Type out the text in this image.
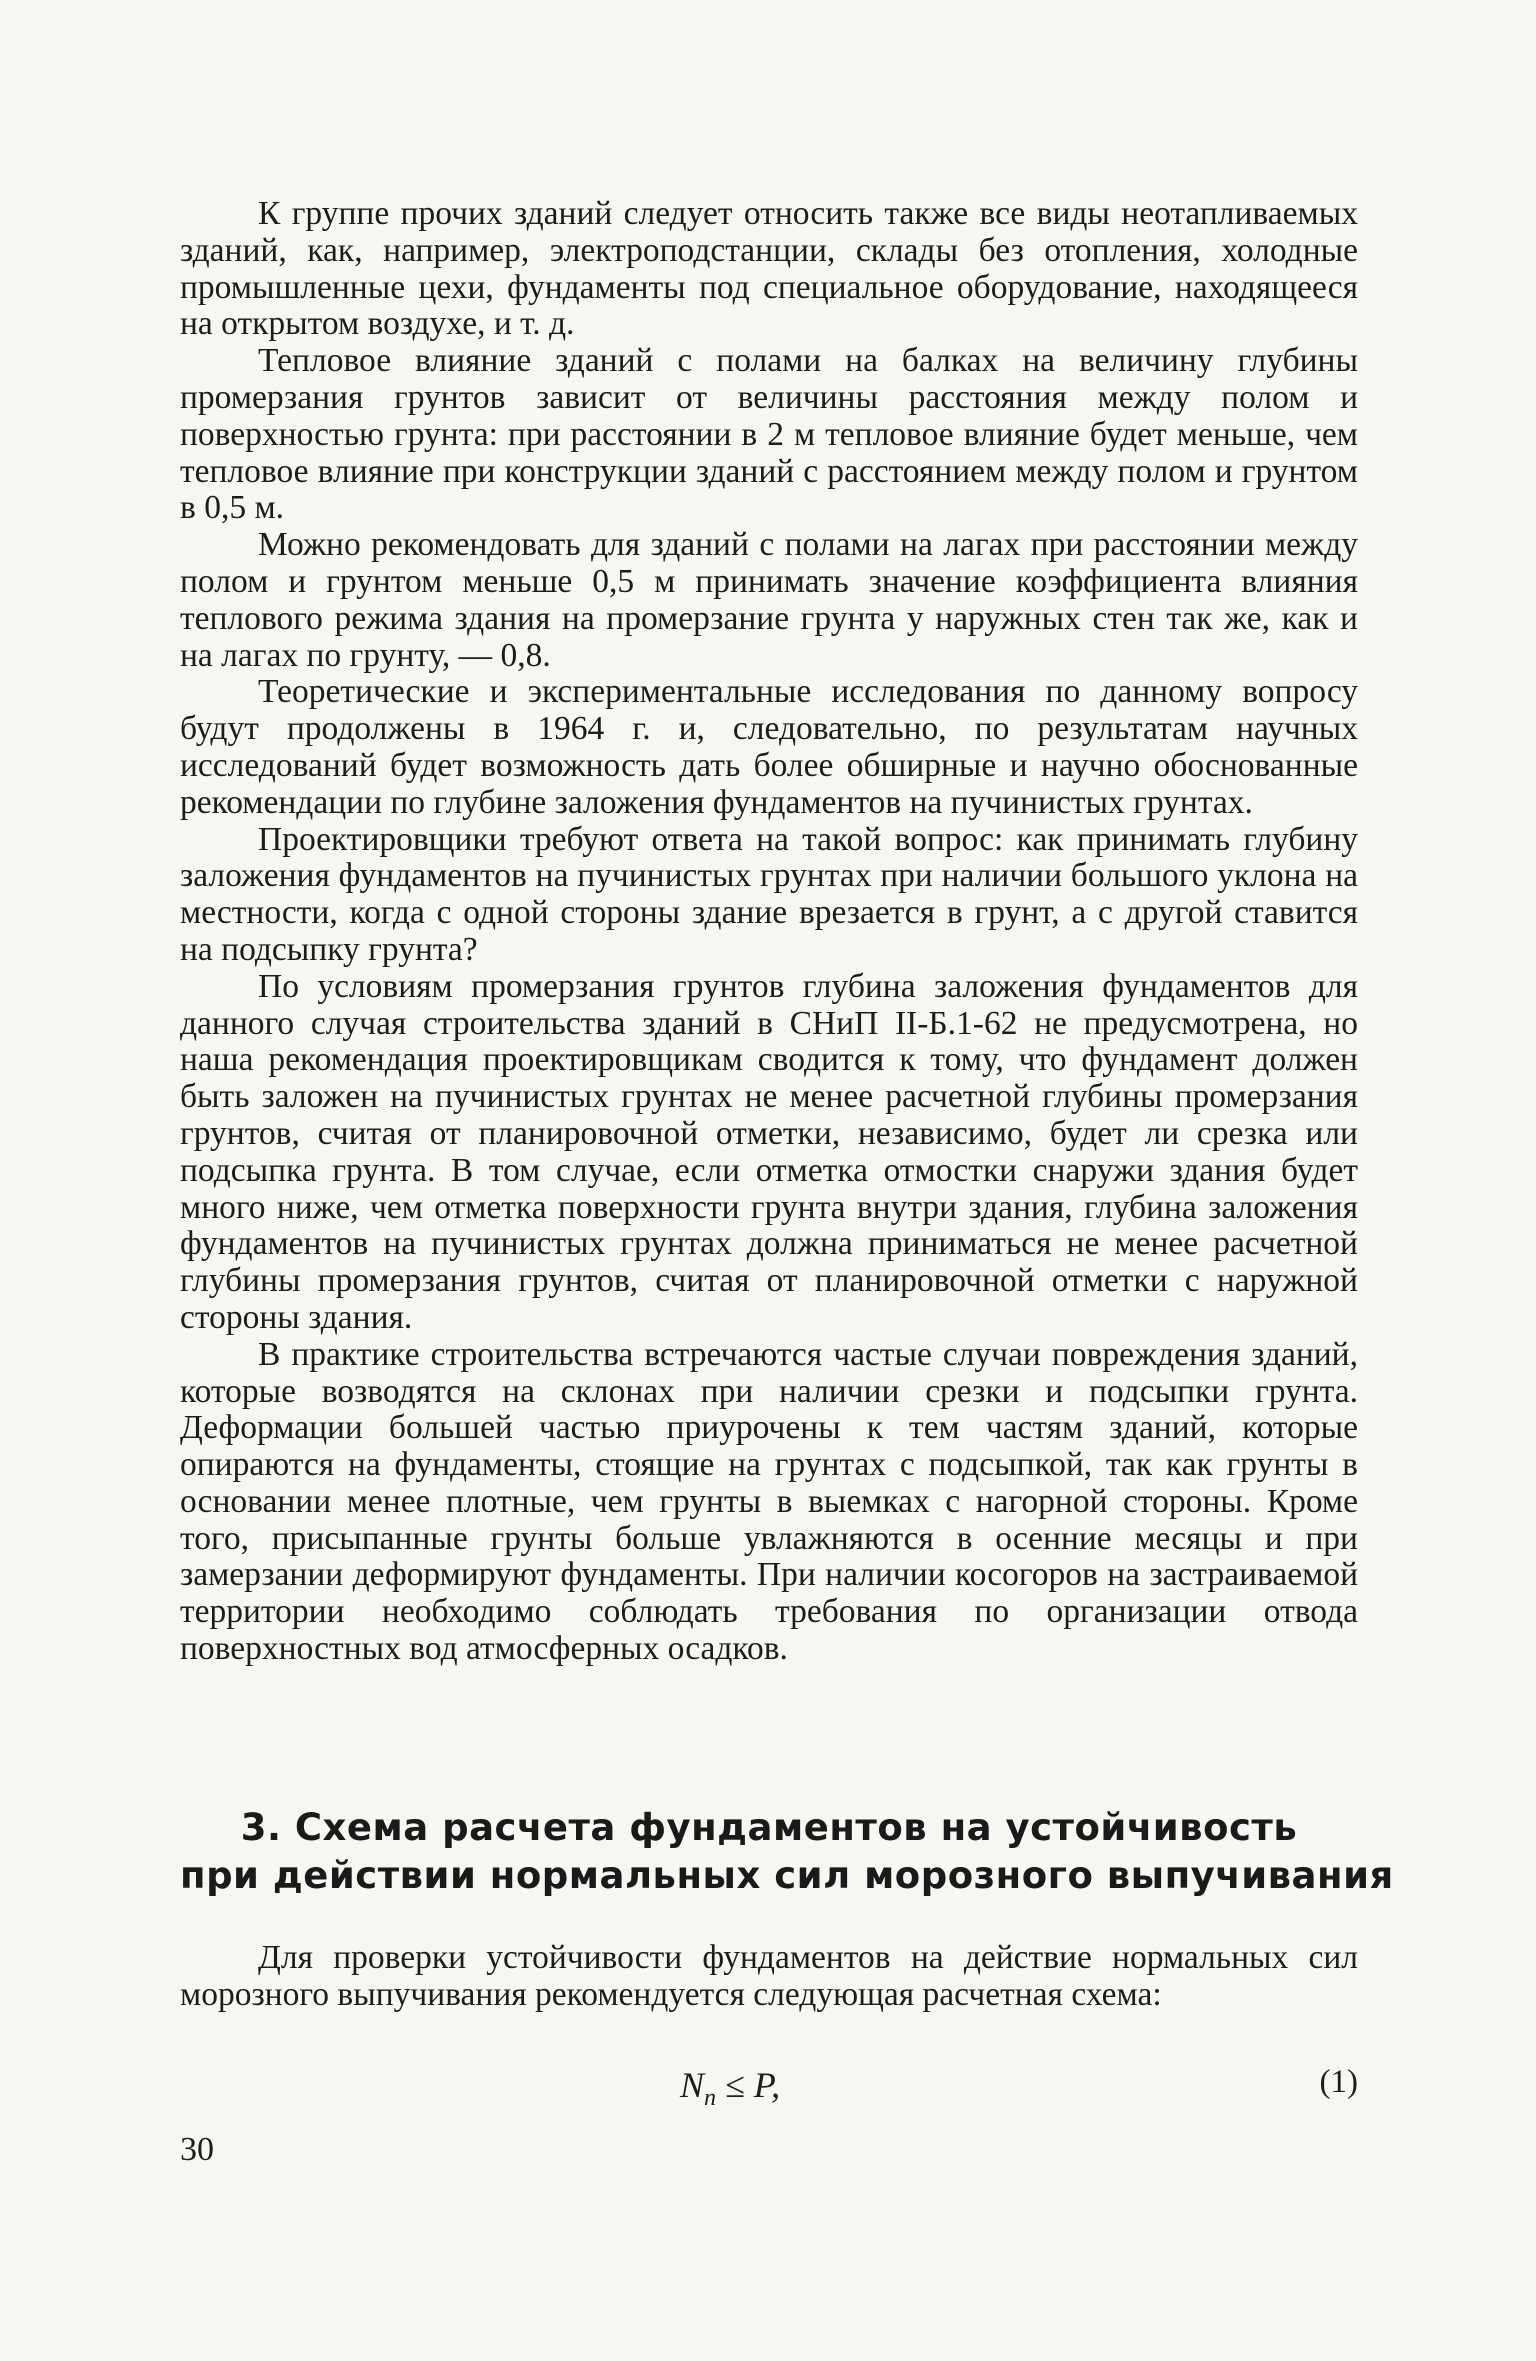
К группе прочих зданий следует относить также все виды неотапливаемых зданий, как, например, электроподстанции, склады без отопления, холодные промышленные цехи, фундаменты под специальное оборудование, находящееся на открытом воздухе, и т. д.

Тепловое влияние зданий с полами на балках на величину глубины промерзания грунтов зависит от величины расстояния между полом и поверхностью грунта: при расстоянии в 2 м тепловое влияние будет меньше, чем тепловое влияние при конструкции зданий с расстоянием между полом и грунтом в 0,5 м.

Можно рекомендовать для зданий с полами на лагах при расстоянии между полом и грунтом меньше 0,5 м принимать значение коэффициента влияния теплового режима здания на промерзание грунта у наружных стен так же, как и на лагах по грунту, — 0,8.

Теоретические и экспериментальные исследования по данному вопросу будут продолжены в 1964 г. и, следовательно, по результатам научных исследований будет возможность дать более обширные и научно обоснованные рекомендации по глубине заложения фундаментов на пучинистых грунтах.

Проектировщики требуют ответа на такой вопрос: как принимать глубину заложения фундаментов на пучинистых грунтах при наличии большого уклона на местности, когда с одной стороны здание врезается в грунт, а с другой ставится на подсыпку грунта?

По условиям промерзания грунтов глубина заложения фундаментов для данного случая строительства зданий в СНиП II-Б.1-62 не предусмотрена, но наша рекомендация проектировщикам сводится к тому, что фундамент должен быть заложен на пучинистых грунтах не менее расчетной глубины промерзания грунтов, считая от планировочной отметки, независимо, будет ли срезка или подсыпка грунта. В том случае, если отметка отмостки снаружи здания будет много ниже, чем отметка поверхности грунта внутри здания, глубина заложения фундаментов на пучинистых грунтах должна приниматься не менее расчетной глубины промерзания грунтов, считая от планировочной отметки с наружной стороны здания.

В практике строительства встречаются частые случаи повреждения зданий, которые возводятся на склонах при наличии срезки и подсыпки грунта. Деформации большей частью приурочены к тем частям зданий, которые опираются на фундаменты, стоящие на грунтах с подсыпкой, так как грунты в основании менее плотные, чем грунты в выемках с нагорной стороны. Кроме того, присыпанные грунты больше увлажняются в осенние месяцы и при замерзании деформируют фундаменты. При наличии косогоров на застраиваемой территории необходимо соблюдать требования по организации отвода поверхностных вод атмосферных осадков.

3. Схема расчета фундаментов на устойчивость
при действии нормальных сил морозного выпучивания

Для проверки устойчивости фундаментов на действие нормальных сил морозного выпучивания рекомендуется следующая расчетная схема:

$N_п \le P$,	(1)
30
